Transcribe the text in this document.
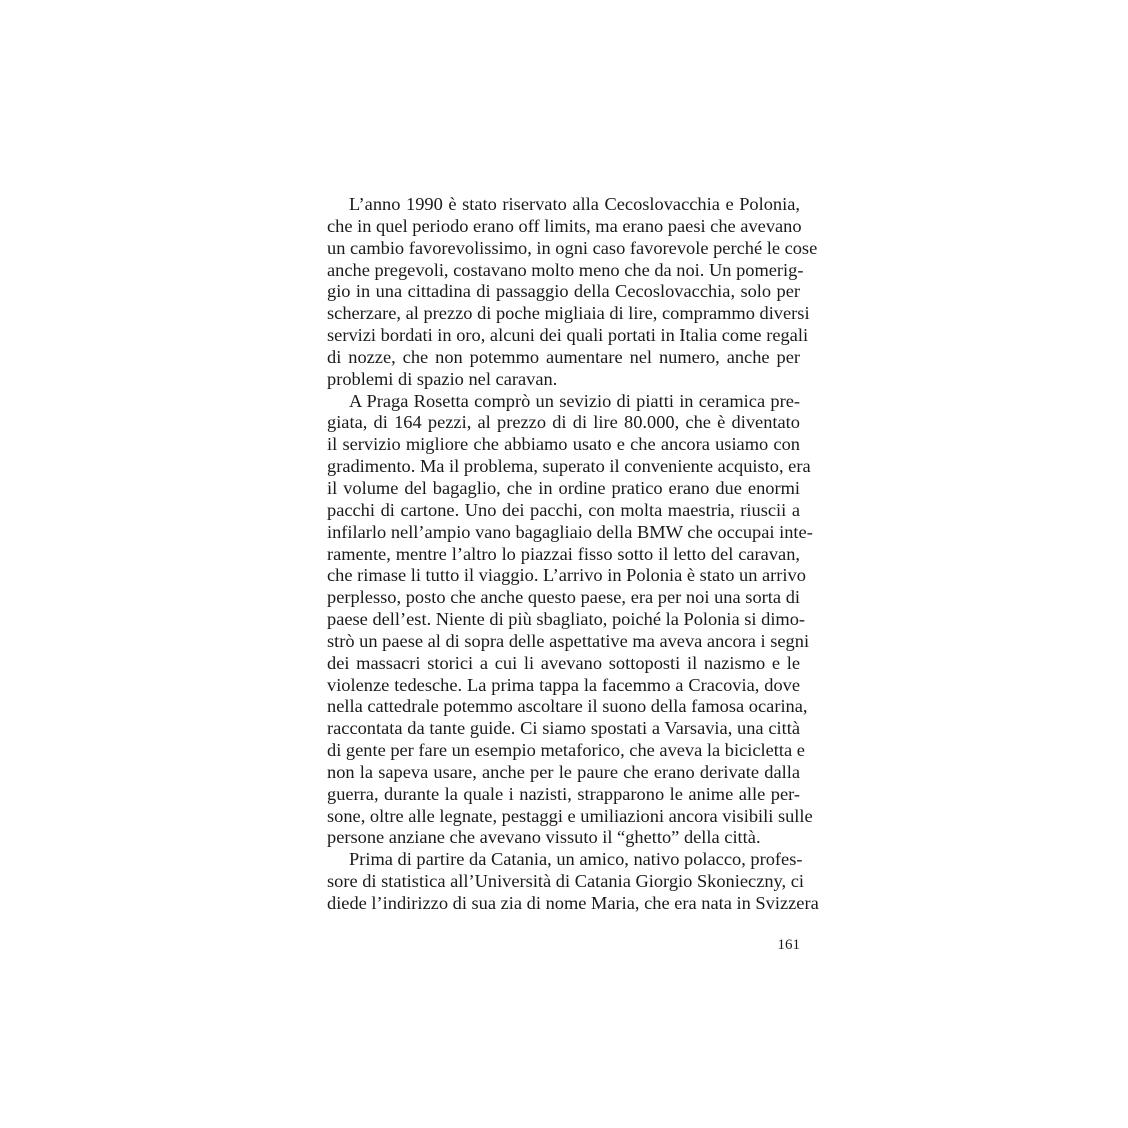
L’anno 1990 è stato riservato alla Cecoslovacchia e Polonia,
che in quel periodo erano off limits, ma erano paesi che avevano
un cambio favorevolissimo, in ogni caso favorevole perché le cose
anche pregevoli, costavano molto meno che da noi. Un pomerig-
gio in una cittadina di passaggio della Cecoslovacchia, solo per
scherzare, al prezzo di poche migliaia di lire, comprammo diversi
servizi bordati in oro, alcuni dei quali portati in Italia come regali
di nozze, che non potemmo aumentare nel numero, anche per
problemi di spazio nel caravan.
A Praga Rosetta comprò un sevizio di piatti in ceramica pre-
giata, di 164 pezzi, al prezzo di di lire 80.000, che è diventato
il servizio migliore che abbiamo usato e che ancora usiamo con
gradimento. Ma il problema, superato il conveniente acquisto, era
il volume del bagaglio, che in ordine pratico erano due enormi
pacchi di cartone. Uno dei pacchi, con molta maestria, riuscii a
infilarlo nell’ampio vano bagagliaio della BMW che occupai inte-
ramente, mentre l’altro lo piazzai fisso sotto il letto del caravan,
che rimase li tutto il viaggio. L’arrivo in Polonia è stato un arrivo
perplesso, posto che anche questo paese, era per noi una sorta di
paese dell’est. Niente di più sbagliato, poiché la Polonia si dimo-
strò un paese al di sopra delle aspettative ma aveva ancora i segni
dei massacri storici a cui li avevano sottoposti il nazismo e le
violenze tedesche. La prima tappa la facemmo a Cracovia, dove
nella cattedrale potemmo ascoltare il suono della famosa ocarina,
raccontata da tante guide. Ci siamo spostati a Varsavia, una città
di gente per fare un esempio metaforico, che aveva la bicicletta e
non la sapeva usare, anche per le paure che erano derivate dalla
guerra, durante la quale i nazisti, strapparono le anime alle per-
sone, oltre alle legnate, pestaggi e umiliazioni ancora visibili sulle
persone anziane che avevano vissuto il “ghetto” della città.
Prima di partire da Catania, un amico, nativo polacco, profes-
sore di statistica all’Università di Catania Giorgio Skonieczny, ci
diede l’indirizzo di sua zia di nome Maria, che era nata in Svizzera
161
